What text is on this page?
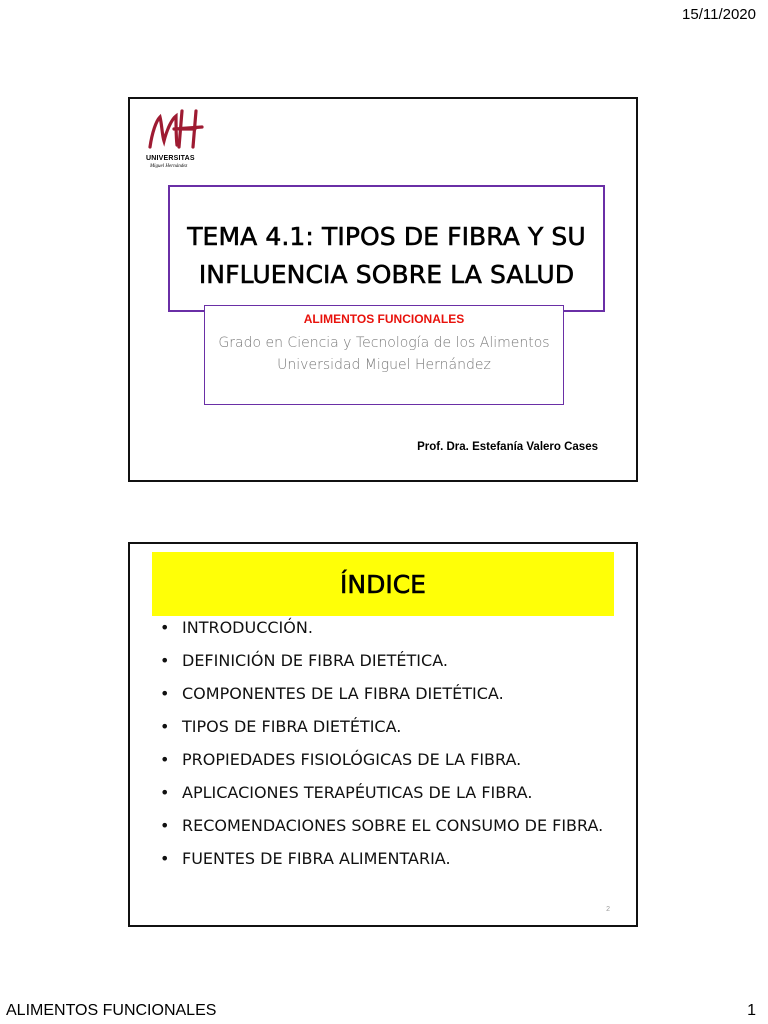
15/11/2020
UNIVERSITAS
Miguel Hernández
TEMA 4.1: TIPOS DE FIBRA Y SU INFLUENCIA SOBRE LA SALUD
ALIMENTOS FUNCIONALES
Grado en Ciencia y Tecnología de los Alimentos
Universidad Miguel Hernández
Prof. Dra. Estefanía Valero Cases
ÍNDICE
• INTRODUCCIÓN.
• DEFINICIÓN DE FIBRA DIETÉTICA.
• COMPONENTES DE LA FIBRA DIETÉTICA.
• TIPOS DE FIBRA DIETÉTICA.
• PROPIEDADES FISIOLÓGICAS DE LA FIBRA.
• APLICACIONES TERAPÉUTICAS DE LA FIBRA.
• RECOMENDACIONES SOBRE EL CONSUMO DE FIBRA.
• FUENTES DE FIBRA ALIMENTARIA.
2
ALIMENTOS FUNCIONALES	1
